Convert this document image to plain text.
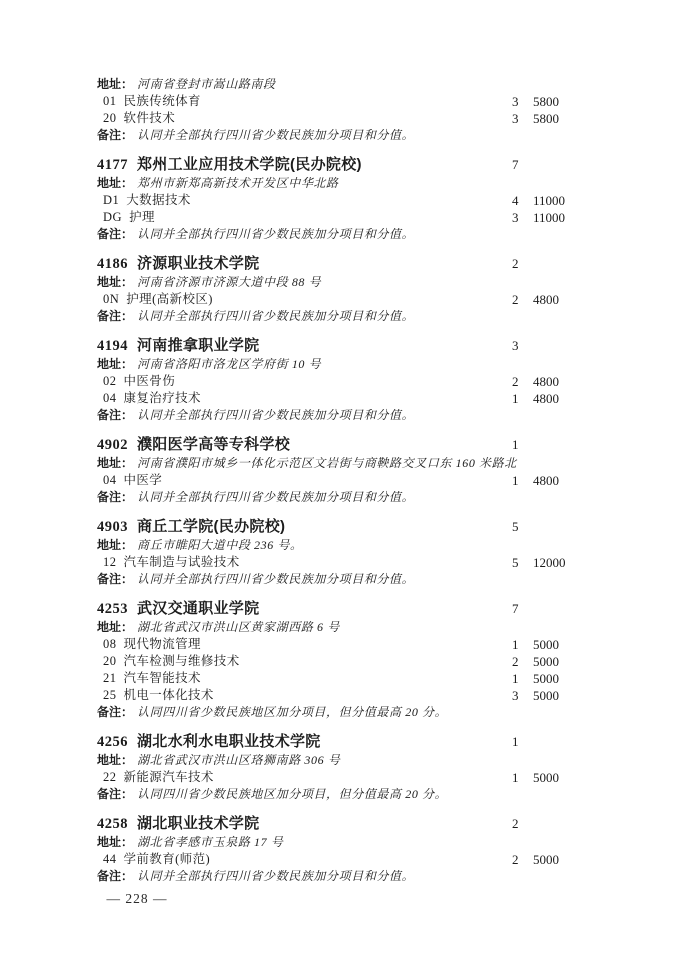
地址： 河南省登封市嵩山路南段
01 民族传统体育	3 5800
20 软件技术	3 5800
备注： 认同并全部执行四川省少数民族加分项目和分值。
4177 郑州工业应用技术学院(民办院校)	7
地址： 郑州市新郑高新技术开发区中华北路
D1 大数据技术	4 11000
DG 护理	3 11000
备注： 认同并全部执行四川省少数民族加分项目和分值。
4186 济源职业技术学院	2
地址： 河南省济源市济源大道中段 88 号
0N 护理(高新校区)	2 4800
备注： 认同并全部执行四川省少数民族加分项目和分值。
4194 河南推拿职业学院	3
地址： 河南省洛阳市洛龙区学府街 10 号
02 中医骨伤	2 4800
04 康复治疗技术	1 4800
备注： 认同并全部执行四川省少数民族加分项目和分值。
4902 濮阳医学高等专科学校	1
地址： 河南省濮阳市城乡一体化示范区文岩街与商鞅路交叉口东 160 米路北
04 中医学	1 4800
备注： 认同并全部执行四川省少数民族加分项目和分值。
4903 商丘工学院(民办院校)	5
地址： 商丘市睢阳大道中段 236 号。
12 汽车制造与试验技术	5 12000
备注： 认同并全部执行四川省少数民族加分项目和分值。
4253 武汉交通职业学院	7
地址： 湖北省武汉市洪山区黄家湖西路 6 号
08 现代物流管理	1 5000
20 汽车检测与维修技术	2 5000
21 汽车智能技术	1 5000
25 机电一体化技术	3 5000
备注： 认同四川省少数民族地区加分项目，但分值最高 20 分。
4256 湖北水利水电职业技术学院	1
地址： 湖北省武汉市洪山区珞狮南路 306 号
22 新能源汽车技术	1 5000
备注： 认同四川省少数民族地区加分项目，但分值最高 20 分。
4258 湖北职业技术学院	2
地址： 湖北省孝感市玉泉路 17 号
44 学前教育(师范)	2 5000
备注： 认同并全部执行四川省少数民族加分项目和分值。
— 228 —
